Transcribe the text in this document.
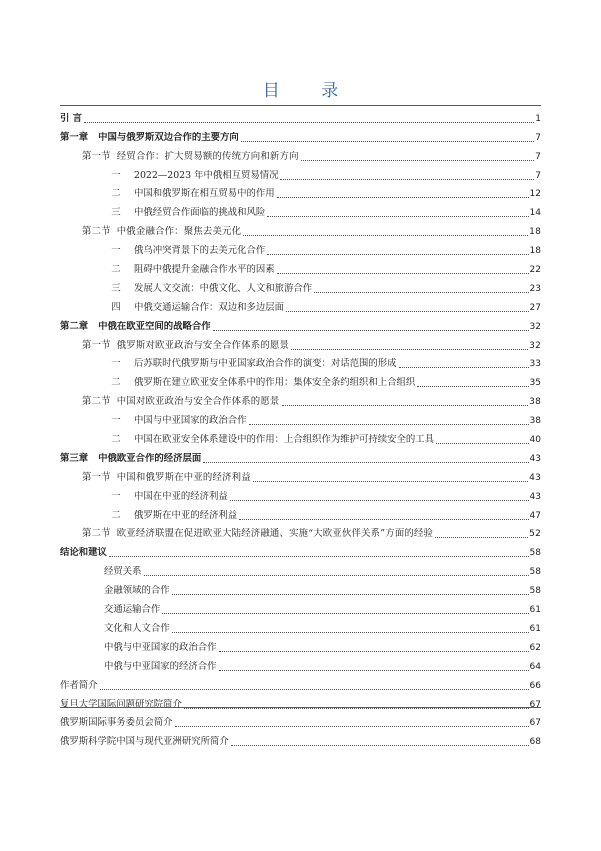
目 录
引 言	1
第一章 中国与俄罗斯双边合作的主要方向	7
第一节 经贸合作：扩大贸易额的传统方向和新方向	7
一	2022—2023 年中俄相互贸易情况	7
二	中国和俄罗斯在相互贸易中的作用	12
三	中俄经贸合作面临的挑战和风险	14
第二节 中俄金融合作：聚焦去美元化	18
一	俄乌冲突背景下的去美元化合作	18
二	阻碍中俄提升金融合作水平的因素	22
三	发展人文交流：中俄文化、人文和旅游合作	23
四	中俄交通运输合作：双边和多边层面	27
第二章 中俄在欧亚空间的战略合作	32
第一节 俄罗斯对欧亚政治与安全合作体系的愿景	32
一	后苏联时代俄罗斯与中亚国家政治合作的演变：对话范围的形成	33
二	俄罗斯在建立欧亚安全体系中的作用：集体安全条约组织和上合组织	35
第二节 中国对欧亚政治与安全合作体系的愿景	38
一	中国与中亚国家的政治合作	38
二	中国在欧亚安全体系建设中的作用：上合组织作为维护可持续安全的工具	40
第三章 中俄欧亚合作的经济层面	43
第一节 中国和俄罗斯在中亚的经济利益	43
一	中国在中亚的经济利益	43
二	俄罗斯在中亚的经济利益	47
第二节 欧亚经济联盟在促进欧亚大陆经济融通、实施“大欧亚伙伴关系”方面的经验	52
结论和建议	58
经贸关系	58
金融领域的合作	58
交通运输合作	61
文化和人文合作	61
中俄与中亚国家的政治合作	62
中俄与中亚国家的经济合作	64
作者简介	66
复旦大学国际问题研究院简介	67
俄罗斯国际事务委员会简介	67
俄罗斯科学院中国与现代亚洲研究所简介	68
